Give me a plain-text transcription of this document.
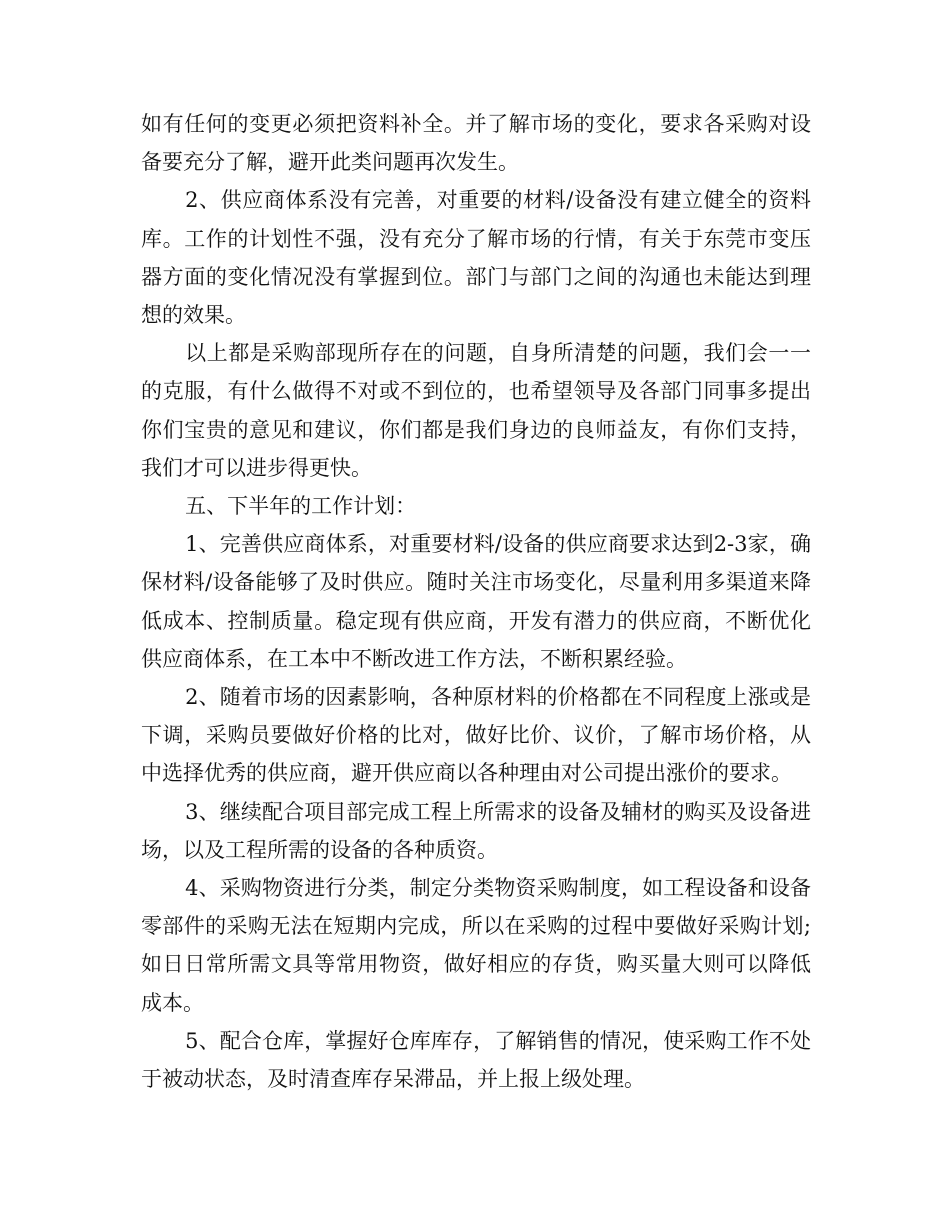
如有任何的变更必须把资料补全。并了解市场的变化，要求各采购对设备要充分了解，避开此类问题再次发生。

2、供应商体系没有完善，对重要的材料/设备没有建立健全的资料库。工作的计划性不强，没有充分了解市场的行情，有关于东莞市变压器方面的变化情况没有掌握到位。部门与部门之间的沟通也未能达到理想的效果。

以上都是采购部现所存在的问题，自身所清楚的问题，我们会一一的克服，有什么做得不对或不到位的，也希望领导及各部门同事多提出你们宝贵的意见和建议，你们都是我们身边的良师益友，有你们支持，我们才可以进步得更快。

五、下半年的工作计划：

1、完善供应商体系，对重要材料/设备的供应商要求达到2-3家，确保材料/设备能够了及时供应。随时关注市场变化，尽量利用多渠道来降低成本、控制质量。稳定现有供应商，开发有潜力的供应商，不断优化供应商体系，在工本中不断改进工作方法，不断积累经验。

2、随着市场的因素影响，各种原材料的价格都在不同程度上涨或是下调，采购员要做好价格的比对，做好比价、议价，了解市场价格，从中选择优秀的供应商，避开供应商以各种理由对公司提出涨价的要求。

3、继续配合项目部完成工程上所需求的设备及辅材的购买及设备进场，以及工程所需的设备的各种质资。

4、采购物资进行分类，制定分类物资采购制度，如工程设备和设备零部件的采购无法在短期内完成，所以在采购的过程中要做好采购计划;如日日常所需文具等常用物资，做好相应的存货，购买量大则可以降低成本。

5、配合仓库，掌握好仓库库存，了解销售的情况，使采购工作不处于被动状态，及时清查库存呆滞品，并上报上级处理。
